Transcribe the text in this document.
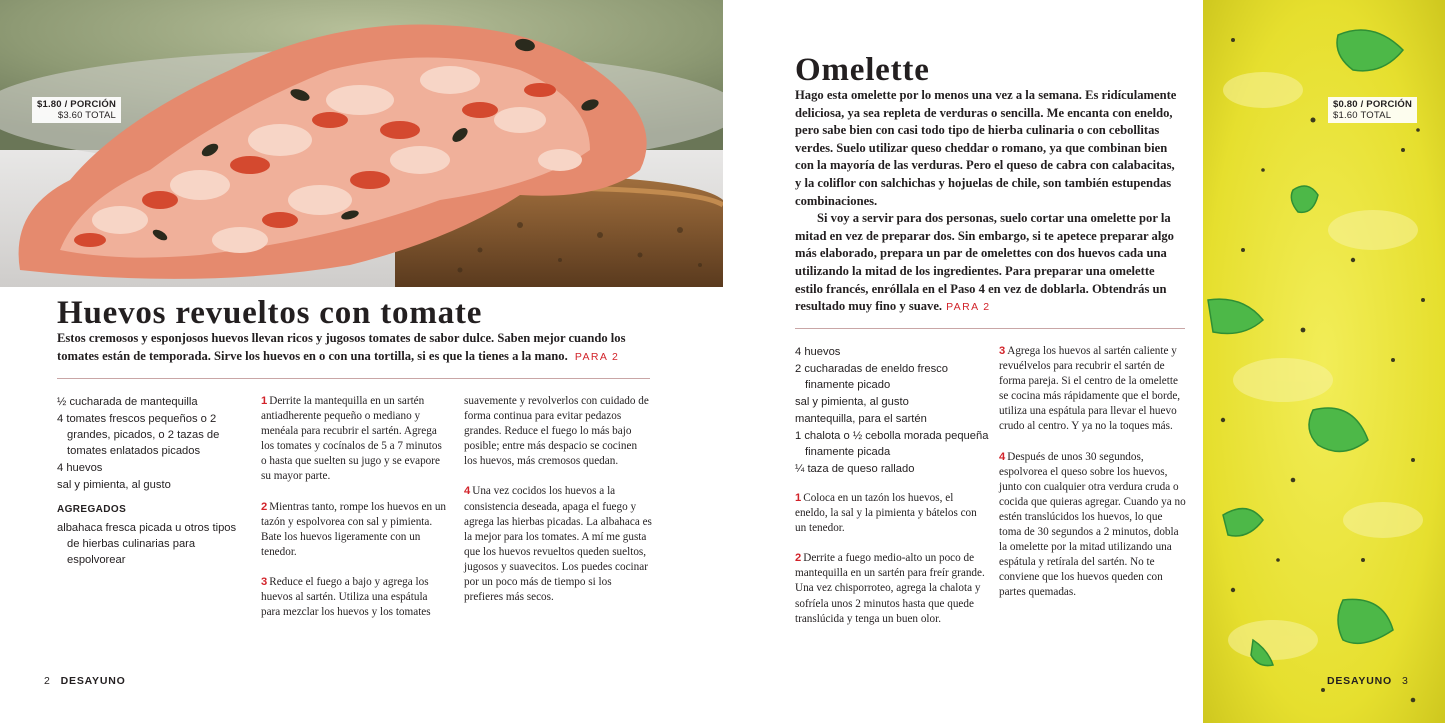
$1.80 / PORCIÓN
$3.60 TOTAL
Huevos revueltos con tomate
Estos cremosos y esponjosos huevos llevan ricos y jugosos tomates de sabor dulce. Saben mejor cuando los tomates están de temporada. Sirve los huevos en o con una tortilla, si es que la tienes a la mano. PARA 2
½ cucharada de mantequilla
4 tomates frescos pequeños o 2 grandes, picados, o 2 tazas de tomates enlatados picados
4 huevos
sal y pimienta, al gusto
AGREGADOS
albahaca fresca picada u otros tipos de hierbas culinarias para espolvorear

1 Derrite la mantequilla en un sartén antiadherente pequeño o mediano y menéala para recubrir el sartén. Agrega los tomates y cocínalos de 5 a 7 minutos o hasta que suelten su jugo y se evapore su mayor parte.

2 Mientras tanto, rompe los huevos en un tazón y espolvorea con sal y pimienta. Bate los huevos ligeramente con un tenedor.

3 Reduce el fuego a bajo y agrega los huevos al sartén. Utiliza una espátula para mezclar los huevos y los tomates

suavemente y revolverlos con cuidado de forma continua para evitar pedazos grandes. Reduce el fuego lo más bajo posible; entre más despacio se cocinen los huevos, más cremosos quedan.

4 Una vez cocidos los huevos a la consistencia deseada, apaga el fuego y agrega las hierbas picadas. La albahaca es la mejor para los tomates. A mí me gusta que los huevos revueltos queden sueltos, jugosos y suavecitos. Los puedes cocinar por un poco más de tiempo si los prefieres más secos.

2 DESAYUNO
Omelette

Hago esta omelette por lo menos una vez a la semana. Es ridículamente deliciosa, ya sea repleta de verduras o sencilla. Me encanta con eneldo, pero sabe bien con casi todo tipo de hierba culinaria o con cebollitas verdes. Suelo utilizar queso cheddar o romano, ya que combinan bien con la mayoría de las verduras. Pero el queso de cabra con calabacitas, y la coliflor con salchichas y hojuelas de chile, son también estupendas combinaciones.

Si voy a servir para dos personas, suelo cortar una omelette por la mitad en vez de preparar dos. Sin embargo, si te apetece preparar algo más elaborado, prepara un par de omelettes con dos huevos cada una utilizando la mitad de los ingredientes. Para preparar una omelette estilo francés, enróllala en el Paso 4 en vez de doblarla. Obtendrás un resultado muy fino y suave. PARA 2

4 huevos
2 cucharadas de eneldo fresco finamente picado
sal y pimienta, al gusto
mantequilla, para el sartén
1 chalota o ½ cebolla morada pequeña finamente picada
¼ taza de queso rallado

1 Coloca en un tazón los huevos, el eneldo, la sal y la pimienta y bátelos con un tenedor.

2 Derrite a fuego medio-alto un poco de mantequilla en un sartén para freír grande. Una vez chisporroteo, agrega la chalota y sofríela unos 2 minutos hasta que quede translúcida y tenga un buen olor.

3 Agrega los huevos al sartén caliente y revuélvelos para recubrir el sartén de forma pareja. Si el centro de la omelette se cocina más rápidamente que el borde, utiliza una espátula para llevar el huevo crudo al centro. Y ya no la toques más.

4 Después de unos 30 segundos, espolvorea el queso sobre los huevos, junto con cualquier otra verdura cruda o cocida que quieras agregar. Cuando ya no estén translúcidos los huevos, lo que toma de 30 segundos a 2 minutos, dobla la omelette por la mitad utilizando una espátula y retírala del sartén. No te conviene que los huevos queden con partes quemadas.

$0.80 / PORCIÓN
$1.60 TOTAL
DESAYUNO 3
